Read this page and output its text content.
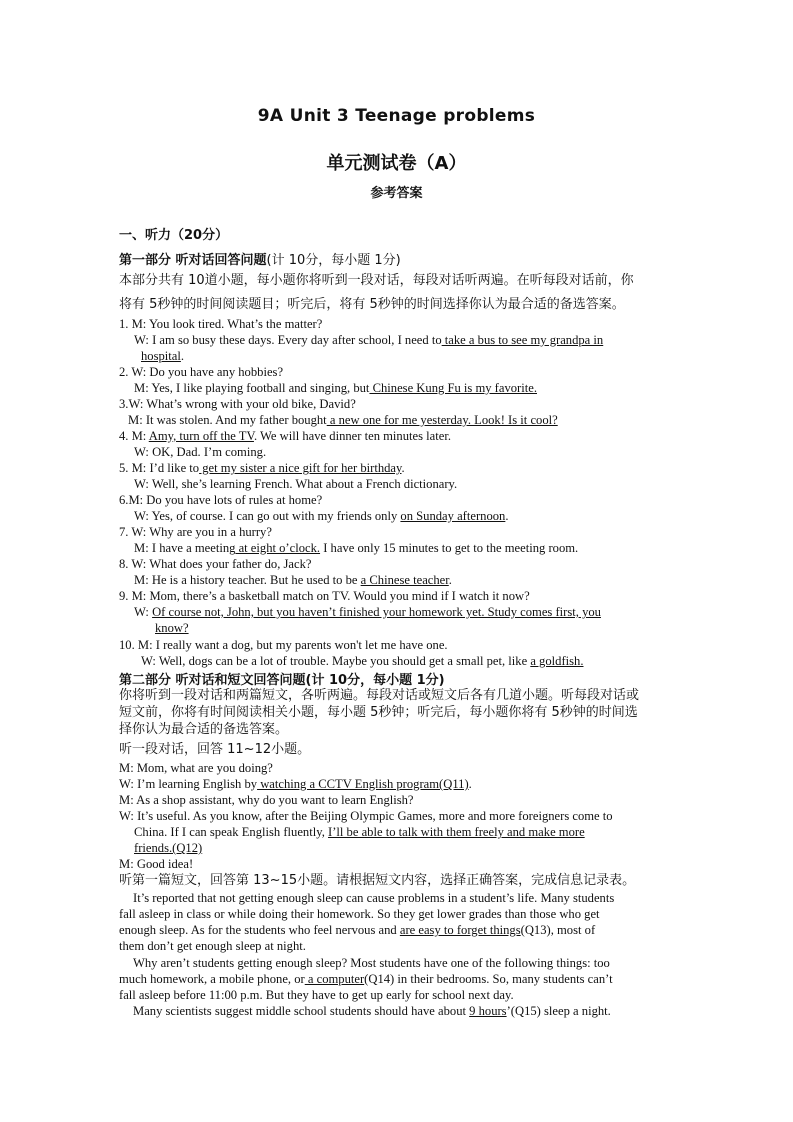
9A Unit 3 Teenage problems
单元测试卷（A）
参考答案
一、听力（20分）
第一部分 听对话回答问题(计 10分，每小题 1分)
本部分共有 10道小题，每小题你将听到一段对话，每段对话听两遍。在听每段对话前，你
将有 5秒钟的时间阅读题目；听完后，将有 5秒钟的时间选择你认为最合适的备选答案。
1. M: You look tired. What’s the matter?
W: I am so busy these days. Every day after school, I need to take a bus to see my grandpa in
hospital.
2. W: Do you have any hobbies?
M: Yes, I like playing football and singing, but Chinese Kung Fu is my favorite.
3.W: What’s wrong with your old bike, David?
M: It was stolen. And my father bought a new one for me yesterday. Look! Is it cool?
4. M: Amy, turn off the TV. We will have dinner ten minutes later.
W: OK, Dad. I’m coming.
5. M: I’d like to get my sister a nice gift for her birthday.
W: Well, she’s learning French. What about a French dictionary.
6.M: Do you have lots of rules at home?
W: Yes, of course. I can go out with my friends only on Sunday afternoon.
7. W: Why are you in a hurry?
M: I have a meeting at eight o’clock. I have only 15 minutes to get to the meeting room.
8. W: What does your father do, Jack?
M: He is a history teacher. But he used to be a Chinese teacher.
9. M: Mom, there’s a basketball match on TV. Would you mind if I watch it now?
W: Of course not, John, but you haven’t finished your homework yet. Study comes first, you
know?
10. M: I really want a dog, but my parents won't let me have one.
W: Well, dogs can be a lot of trouble. Maybe you should get a small pet, like a goldfish.
第二部分 听对话和短文回答问题(计 10分，每小题 1分)
你将听到一段对话和两篇短文，各听两遍。每段对话或短文后各有几道小题。听每段对话或
短文前，你将有时间阅读相关小题，每小题 5秒钟；听完后，每小题你将有 5秒钟的时间选
择你认为最合适的备选答案。
听一段对话，回答 11~12小题。
M: Mom, what are you doing?
W: I’m learning English by watching a CCTV English program(Q11).
M: As a shop assistant, why do you want to learn English?
W: It’s useful. As you know, after the Beijing Olympic Games, more and more foreigners come to
China. If I can speak English fluently, I’ll be able to talk with them freely and make more
friends.(Q12)
M: Good idea!
听第一篇短文，回答第 13~15小题。请根据短文内容，选择正确答案，完成信息记录表。
It’s reported that not getting enough sleep can cause problems in a student’s life. Many students
fall asleep in class or while doing their homework. So they get lower grades than those who get
enough sleep. As for the students who feel nervous and are easy to forget things(Q13), most of
them don’t get enough sleep at night.
Why aren’t students getting enough sleep? Most students have one of the following things: too
much homework, a mobile phone, or a computer(Q14) in their bedrooms. So, many students can’t
fall asleep before 11:00 p.m. But they have to get up early for school next day.
Many scientists suggest middle school students should have about 9 hours’(Q15) sleep a night.
